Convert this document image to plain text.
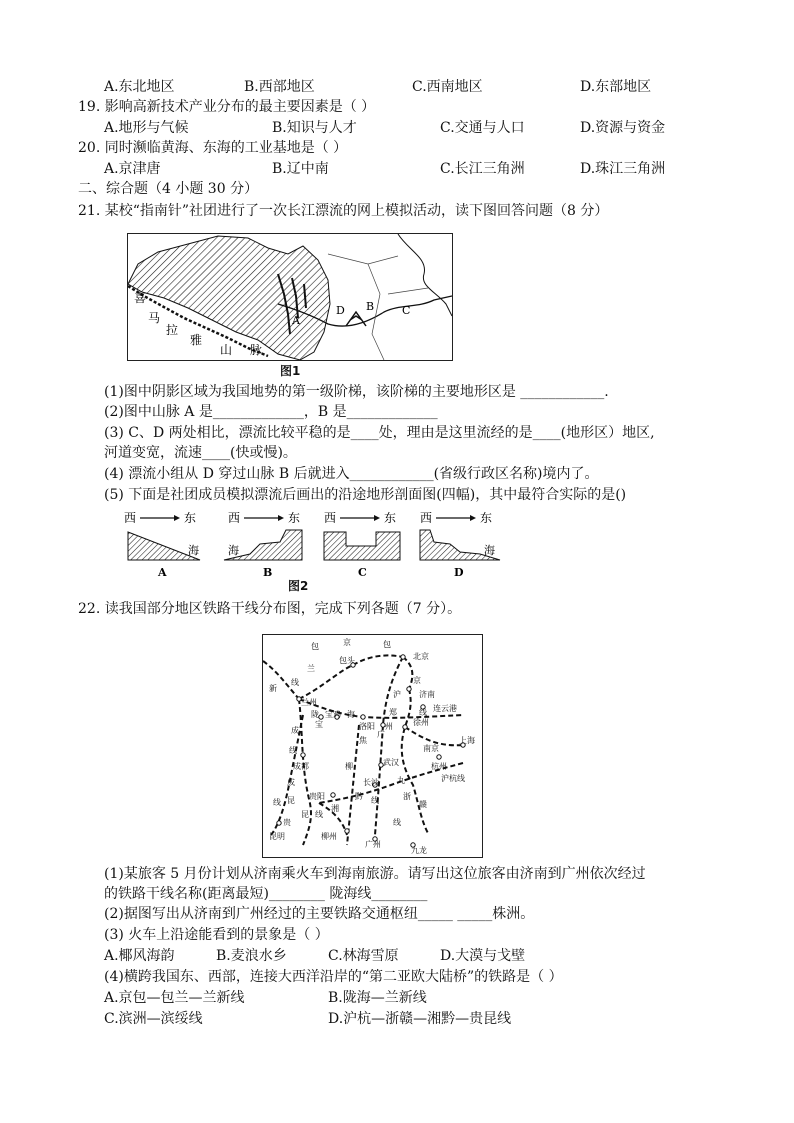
A.东北地区	B.西部地区	C.西南地区	D.东部地区
19. 影响高新技术产业分布的最主要因素是（ ）
A.地形与气候	B.知识与人才	C.交通与人口	D.资源与资金
20. 同时濒临黄海、东海的工业基地是（ ）
A.京津唐	B.辽中南	C.长江三角洲	D.珠江三角洲
二、综合题（4 小题 30 分）
21. 某校“指南针”社团进行了一次长江漂流的网上模拟活动，读下图回答问题（8 分）
喜
马
拉
雅
山 脉
A
D B	C
图1
(1)图中阴影区域为我国地势的第一级阶梯，该阶梯的主要地形区是 ____________.
(2)图中山脉 A 是_____________，B 是_____________
(3) C、D 两处相比，漂流比较平稳的是____处，理由是这里流经的是____(地形区）地区,
河道变宽，流速____(快或慢)。
(4) 漂流小组从 D 穿过山脉 B 后就进入____________(省级行政区名称)境内了。
(5) 下面是社团成员模拟漂流后画出的沿途地形剖面图(四幅)，其中最符合实际的是()
西	东
海
A
西	东
海
B
西	东
C
西	东
海
D
图2
22. 读我国部分地区铁路干线分布图，完成下列各题（7 分）。
包	京	包
北京
包头
京
兰
新
线
兰州
济南
沪
连云港
陇 宝鸡 海	郑	线
徐州
宝	洛阳 州
上海
成
焦
广
南京
线
柳	武汉	杭州
沪杭线
成都
成	九
长沙
浙
昆 贵阳	黔 线	赣
线
湘
贵
昆 线
昆明	柳州
广州
线
九龙
(1)某旅客 5 月份计划从济南乘火车到海南旅游。请写出这位旅客由济南到广州依次经过
的铁路干线名称(距离最短)________ 陇海线________
(2)据图写出从济南到广州经过的主要铁路交通枢纽_____ _____株洲。
(3) 火车上沿途能看到的景象是（ ）
A.椰风海韵	B.麦浪水乡	C.林海雪原	D.大漠与戈壁
(4)横跨我国东、西部，连接大西洋沿岸的“第二亚欧大陆桥”的铁路是（ ）
A.京包—包兰—兰新线	B.陇海—兰新线
C.滨洲—滨绥线	D.沪杭—浙赣—湘黔—贵昆线
